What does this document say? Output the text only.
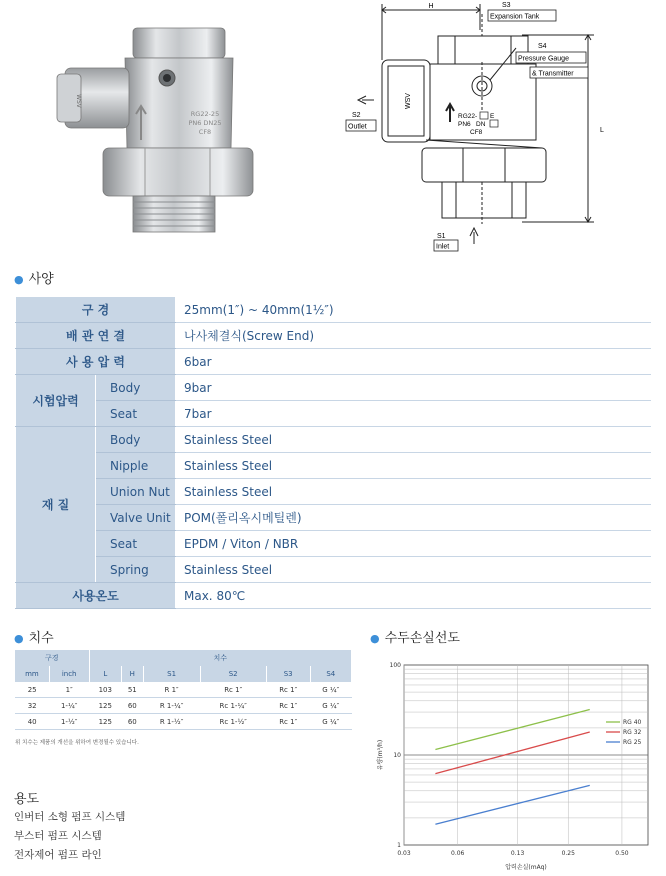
WSV
RG22-25
PN6 DN25
CF8
H
L
S3
Expansion Tank
S4
Pressure Gauge
& Transmitter
S2
Outlet
S1
Inlet
WSV
RG22- E
PN6 DN
CF8
● 사양
구 경		25mm(1″) ~ 40mm(1½″)
배 관 연 결		나사체결식(Screw End)
사 용 압 력		6bar
시험압력	Body	9bar
	Seat	7bar
재 질	Body	Stainless Steel
	Nipple	Stainless Steel
	Union Nut	Stainless Steel
	Valve Unit	POM(폴리옥시메틸렌)
	Seat	EPDM / Viton / NBR
	Spring	Stainless Steel
사용온도		Max. 80℃
● 치수
구경		치수					
mm	inch	L	H	S1	S2	S3	S4
25	1″	103	51	R 1″	Rc 1″	Rc 1″	G ¼″
32	1-¼″	125	60	R 1-¼″	Rc 1-¼″	Rc 1″	G ¼″
40	1-½″	125	60	R 1-½″	Rc 1-½″	Rc 1″	G ¼″
위 치수는 제품의 개선을 위하여 변경될수 있습니다.
용도
인버터 소형 펌프 시스템
부스터 펌프 시스템
전자제어 펌프 라인
● 수두손실선도
RG 40
RG 32
RG 25
0.03	0.06	0.13	0.25	0.50
1
10
100
유량(m³/h)
압력손실(mAq)
